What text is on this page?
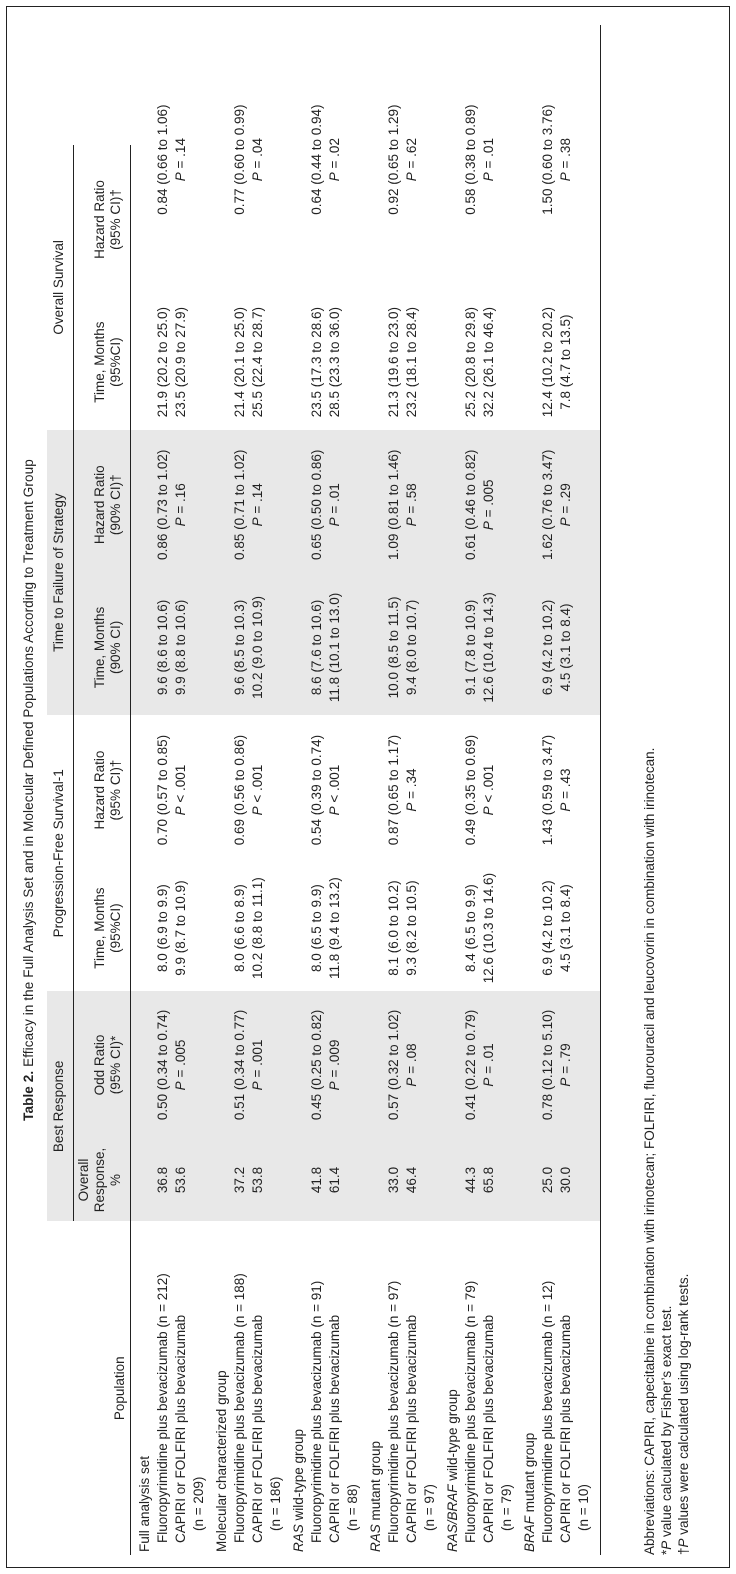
Table 2. Efficacy in the Full Analysis Set and in Molecular Defined Populations According to Treatment Group
Population	Best Response		Progression-Free Survival-1		Time to Failure of Strategy		Overall Survival	

	Overall Response, %	Odd Ratio (95% CI)*	Time, Months (95%CI)	Hazard Ratio (95% CI)†	Time, Months (90% CI)	Hazard Ratio (90% CI)†	Time, Months (95%CI)	Hazard Ratio (95% CI)†

Full analysis set								
Fluoropyrimidine plus bevacizumab (n = 212)	36.8	0.50 (0.34 to 0.74)	8.0 (6.9 to 9.9)	0.70 (0.57 to 0.85)	9.6 (8.6 to 10.6)	0.86 (0.73 to 1.02)	21.9 (20.2 to 25.0)	0.84 (0.66 to 1.06)
CAPIRI or FOLFIRI plus bevacizumab	53.6	P = .005	9.9 (8.7 to 10.9)	P < .001	9.9 (8.8 to 10.6)	P = .16	23.5 (20.9 to 27.9)	P = .14
(n = 209)								
Molecular characterized group								
Fluoropyrimidine plus bevacizumab (n = 188)	37.2	0.51 (0.34 to 0.77)	8.0 (6.6 to 8.9)	0.69 (0.56 to 0.86)	9.6 (8.5 to 10.3)	0.85 (0.71 to 1.02)	21.4 (20.1 to 25.0)	0.77 (0.60 to 0.99)
CAPIRI or FOLFIRI plus bevacizumab	53.8	P = .001	10.2 (8.8 to 11.1)	P < .001	10.2 (9.0 to 10.9)	P = .14	25.5 (22.4 to 28.7)	P = .04
(n = 186)								
RAS wild-type group								
Fluoropyrimidine plus bevacizumab (n = 91)	41.8	0.45 (0.25 to 0.82)	8.0 (6.5 to 9.9)	0.54 (0.39 to 0.74)	8.6 (7.6 to 10.6)	0.65 (0.50 to 0.86)	23.5 (17.3 to 28.6)	0.64 (0.44 to 0.94)
CAPIRI or FOLFIRI plus bevacizumab	61.4	P = .009	11.8 (9.4 to 13.2)	P < .001	11.8 (10.1 to 13.0)	P = .01	28.5 (23.3 to 36.0)	P = .02
(n = 88)								
RAS mutant group								
Fluoropyrimidine plus bevacizumab (n = 97)	33.0	0.57 (0.32 to 1.02)	8.1 (6.0 to 10.2)	0.87 (0.65 to 1.17)	10.0 (8.5 to 11.5)	1.09 (0.81 to 1.46)	21.3 (19.6 to 23.0)	0.92 (0.65 to 1.29)
CAPIRI or FOLFIRI plus bevacizumab	46.4	P = .08	9.3 (8.2 to 10.5)	P = .34	9.4 (8.0 to 10.7)	P = .58	23.2 (18.1 to 28.4)	P = .62
(n = 97)								
RAS/BRAF wild-type group								
Fluoropyrimidine plus bevacizumab (n = 79)	44.3	0.41 (0.22 to 0.79)	8.4 (6.5 to 9.9)	0.49 (0.35 to 0.69)	9.1 (7.8 to 10.9)	0.61 (0.46 to 0.82)	25.2 (20.8 to 29.8)	0.58 (0.38 to 0.89)
CAPIRI or FOLFIRI plus bevacizumab	65.8	P = .01	12.6 (10.3 to 14.6)	P < .001	12.6 (10.4 to 14.3)	P = .005	32.2 (26.1 to 46.4)	P = .01
(n = 79)								
BRAF mutant group								
Fluoropyrimidine plus bevacizumab (n = 12)	25.0	0.78 (0.12 to 5.10)	6.9 (4.2 to 10.2)	1.43 (0.59 to 3.47)	6.9 (4.2 to 10.2)	1.62 (0.76 to 3.47)	12.4 (10.2 to 20.2)	1.50 (0.60 to 3.76)
CAPIRI or FOLFIRI plus bevacizumab	30.0	P = .79	4.5 (3.1 to 8.4)	P = .43	4.5 (3.1 to 8.4)	P = .29	7.8 (4.7 to 13.5)	P = .38
(n = 10)									Abbreviations: CAPIRI, capecitabine in combination with irinotecan; FOLFIRI, fluorouracil and leucovorin in combination with irinotecan. *P value calculated by Fisher’s exact test.
†P values were calculated using log-rank tests.
